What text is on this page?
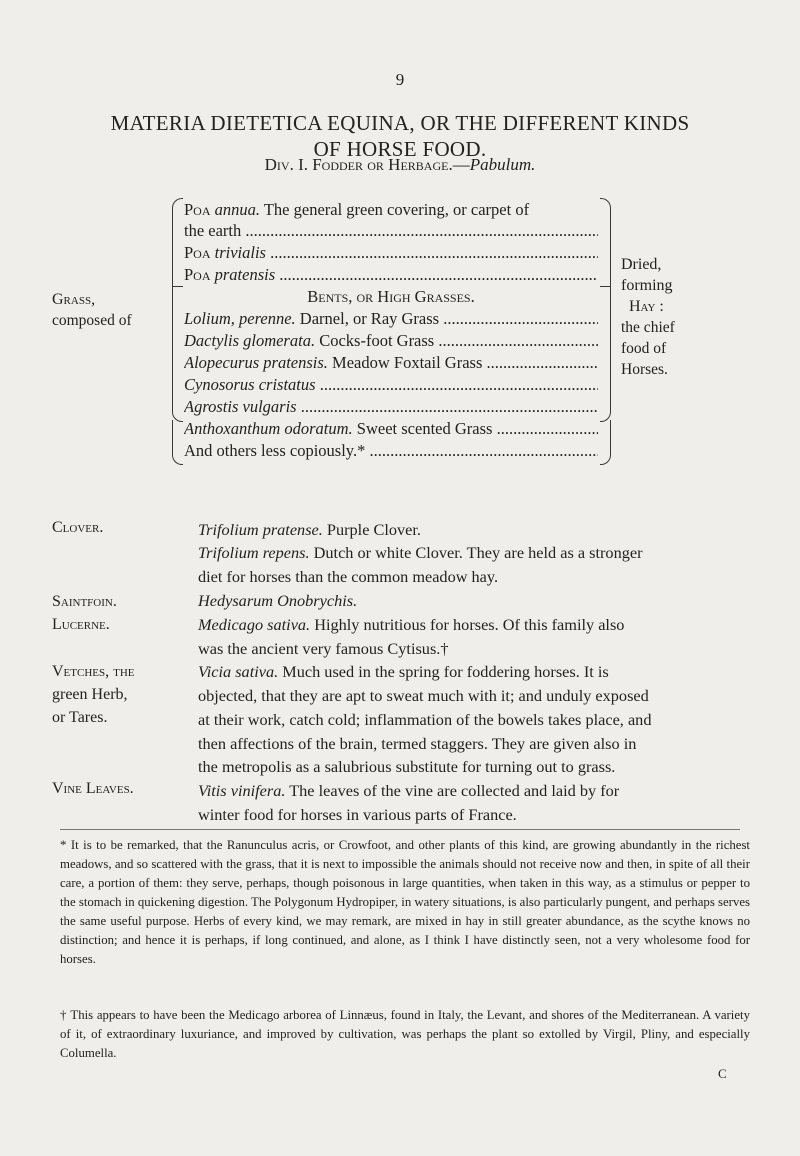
9
MATERIA DIETETICA EQUINA, OR THE DIFFERENT KINDS
OF HORSE FOOD.
Div. I. Fodder or Herbage.—Pabulum.
Grass,
composed of
Poa annua. The general green covering, or carpet of
the earth .....
Poa trivialis .....
Poa pratensis .....
Bents, or High Grasses.
Lolium, perenne. Darnel, or Ray Grass .....
Dactylis glomerata. Cocks-foot Grass .....
Alopecurus pratensis. Meadow Foxtail Grass .....
Cynosorus cristatus .....
Agrostis vulgaris .....
Anthoxanthum odoratum. Sweet scented Grass .....
And others less copiously.* .....
Dried,
forming
Hay :
the chief
food of
Horses.
Clover.
Saintfoin.
Lucerne.
Vetches, the
green Herb,
or Tares.
Vine Leaves.
Trifolium pratense. Purple Clover.
Trifolium repens. Dutch or white Clover. They are held as a stronger
diet for horses than the common meadow hay.
Hedysarum Onobrychis.
Medicago sativa. Highly nutritious for horses. Of this family also
was the ancient very famous Cytisus.†
Vicia sativa. Much used in the spring for foddering horses. It is
objected, that they are apt to sweat much with it; and unduly exposed
at their work, catch cold; inflammation of the bowels takes place, and
then affections of the brain, termed staggers. They are given also in
the metropolis as a salubrious substitute for turning out to grass.
Vitis vinifera. The leaves of the vine are collected and laid by for
winter food for horses in various parts of France.
* It is to be remarked, that the Ranunculus acris, or Crowfoot, and other plants of this kind, are growing abundantly in the richest meadows, and so scattered with the grass, that it is next to impossible the animals should not receive now and then, in spite of all their care, a portion of them: they serve, perhaps, though poisonous in large quantities, when taken in this way, as a stimulus or pepper to the stomach in quickening digestion. The Polygonum Hydropiper, in watery situations, is also particularly pungent, and perhaps serves the same useful purpose. Herbs of every kind, we may remark, are mixed in hay in still greater abundance, as the scythe knows no distinction; and hence it is perhaps, if long continued, and alone, as I think I have distinctly seen, not a very wholesome food for horses.
† This appears to have been the Medicago arborea of Linnæus, found in Italy, the Levant, and shores of the Mediterranean. A variety of it, of extraordinary luxuriance, and improved by cultivation, was perhaps the plant so extolled by Virgil, Pliny, and especially Columella.
C
